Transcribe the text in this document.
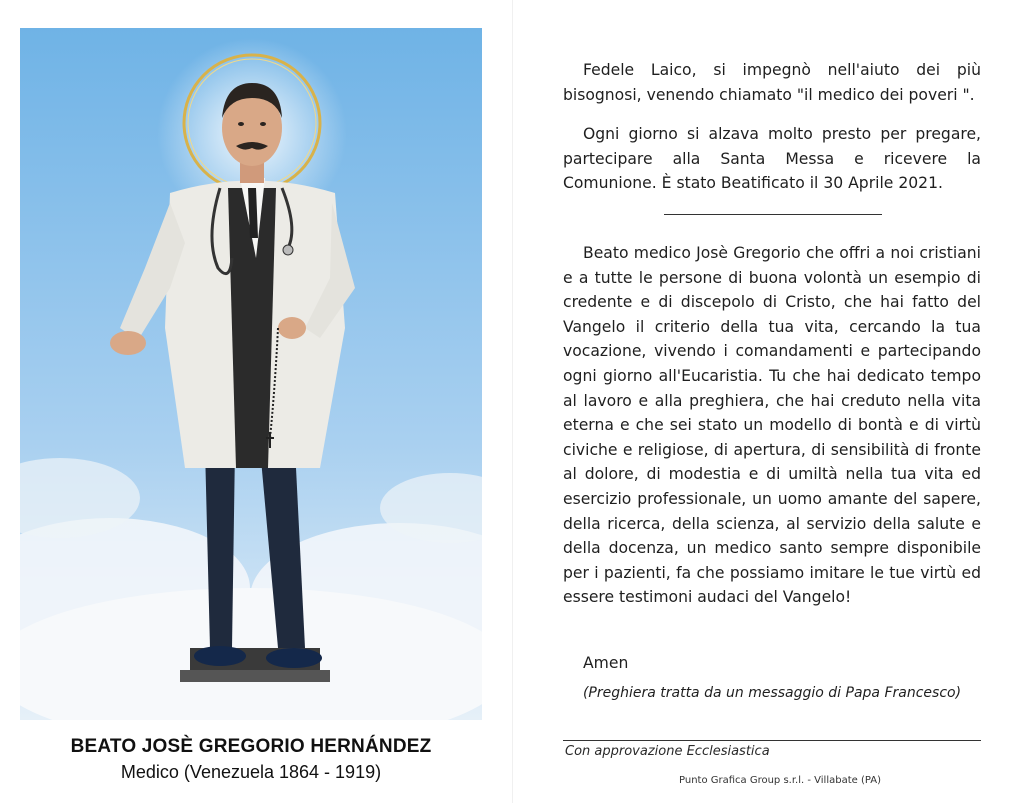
BEATO JOSÈ GREGORIO HERNÁNDEZ
Medico (Venezuela 1864 - 1919)
Fedele Laico, si impegnò nell'aiuto dei più bisognosi, venendo chiamato "il medico dei poveri ".
Ogni giorno si alzava molto presto per pregare, partecipare alla Santa Messa e ricevere la Comunione. È stato Beatificato il 30 Aprile 2021.
Beato medico Josè Gregorio che offri a noi cristiani e a tutte le persone di buona volontà un esempio di credente e di discepolo di Cristo, che hai fatto del Vangelo il criterio della tua vita, cercando la tua vocazione, vivendo i comandamenti e partecipando ogni giorno all'Eucaristia. Tu che hai dedicato tempo al lavoro e alla preghiera, che hai creduto nella vita eterna e che sei stato un modello di bontà e di virtù civiche e religiose, di apertura, di sensibilità di fronte al dolore, di modestia e di umiltà nella tua vita ed esercizio professionale, un uomo amante del sapere, della ricerca, della scienza, al servizio della salute e della docenza, un medico santo sempre disponibile per i pazienti, fa che possiamo imitare le tue virtù ed essere testimoni audaci del Vangelo!
Amen
(Preghiera tratta da un messaggio di Papa Francesco)
Con approvazione Ecclesiastica
Punto Grafica Group s.r.l. - Villabate (PA)
